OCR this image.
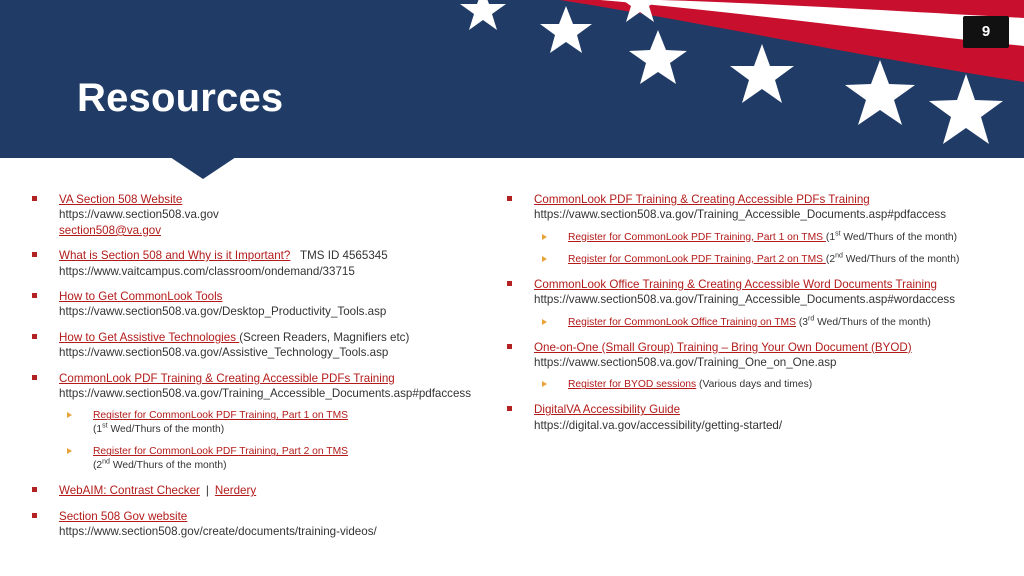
Resources
9
VA Section 508 Website
https://vaww.section508.va.gov
section508@va.gov
What is Section 508 and Why is it Important? TMS ID 4565345
https://www.vaitcampus.com/classroom/ondemand/33715
How to Get CommonLook Tools
https://vaww.section508.va.gov/Desktop_Productivity_Tools.asp
How to Get Assistive Technologies (Screen Readers, Magnifiers etc)
https://vaww.section508.va.gov/Assistive_Technology_Tools.asp
CommonLook PDF Training & Creating Accessible PDFs Training
https://vaww.section508.va.gov/Training_Accessible_Documents.asp#pdfaccess
Register for CommonLook PDF Training, Part 1 on TMS
(1st Wed/Thurs of the month)
Register for CommonLook PDF Training, Part 2 on TMS
(2nd Wed/Thurs of the month)
WebAIM: Contrast Checker | Nerdery
Section 508 Gov website
https://www.section508.gov/create/documents/training-videos/
CommonLook PDF Training & Creating Accessible PDFs Training
https://vaww.section508.va.gov/Training_Accessible_Documents.asp#pdfaccess
Register for CommonLook PDF Training, Part 1 on TMS (1st Wed/Thurs of the month)
Register for CommonLook PDF Training, Part 2 on TMS (2nd Wed/Thurs of the month)
CommonLook Office Training & Creating Accessible Word Documents Training
https://vaww.section508.va.gov/Training_Accessible_Documents.asp#wordaccess
Register for CommonLook Office Training on TMS (3rd Wed/Thurs of the month)
One-on-One (Small Group) Training – Bring Your Own Document (BYOD)
https://vaww.section508.va.gov/Training_One_on_One.asp
Register for BYOD sessions (Various days and times)
DigitalVA Accessibility Guide
https://digital.va.gov/accessibility/getting-started/
